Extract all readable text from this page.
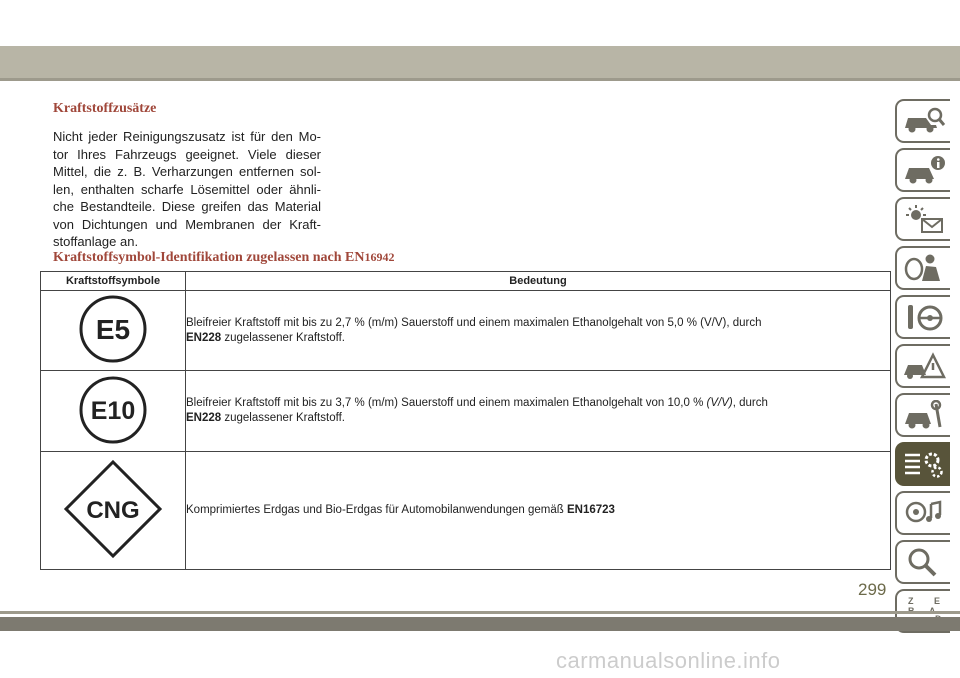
Kraftstoffzusätze
Nicht jeder Reinigungszusatz ist für den Mo-tor Ihres Fahrzeugs geeignet. Viele dieser Mittel, die z. B. Verharzungen entfernen sol-len, enthalten scharfe Lösemittel oder ähnli-che Bestandteile. Diese greifen das Material von Dichtungen und Membranen der Kraft-stoffanlage an.
Kraftstoffsymbol-Identifikation zugelassen nach EN16942
Kraftstoffsymbole	Bedeutung

E5	Bleifreier Kraftstoff mit bis zu 2,7 % (m/m) Sauerstoff und einem maximalen Ethanolgehalt von 5,0 % (V/V), durch
EN228 zugelassener Kraftstoff.

E10	Bleifreier Kraftstoff mit bis zu 3,7 % (m/m) Sauerstoff und einem maximalen Ethanolgehalt von 10,0 % (V/V), durch
EN228 zugelassener Kraftstoff.

CNG	Komprimiertes Erdgas und Bio-Erdgas für Automobilanwendungen gemäß EN16723
Z E
299
carmanualsonline.info
